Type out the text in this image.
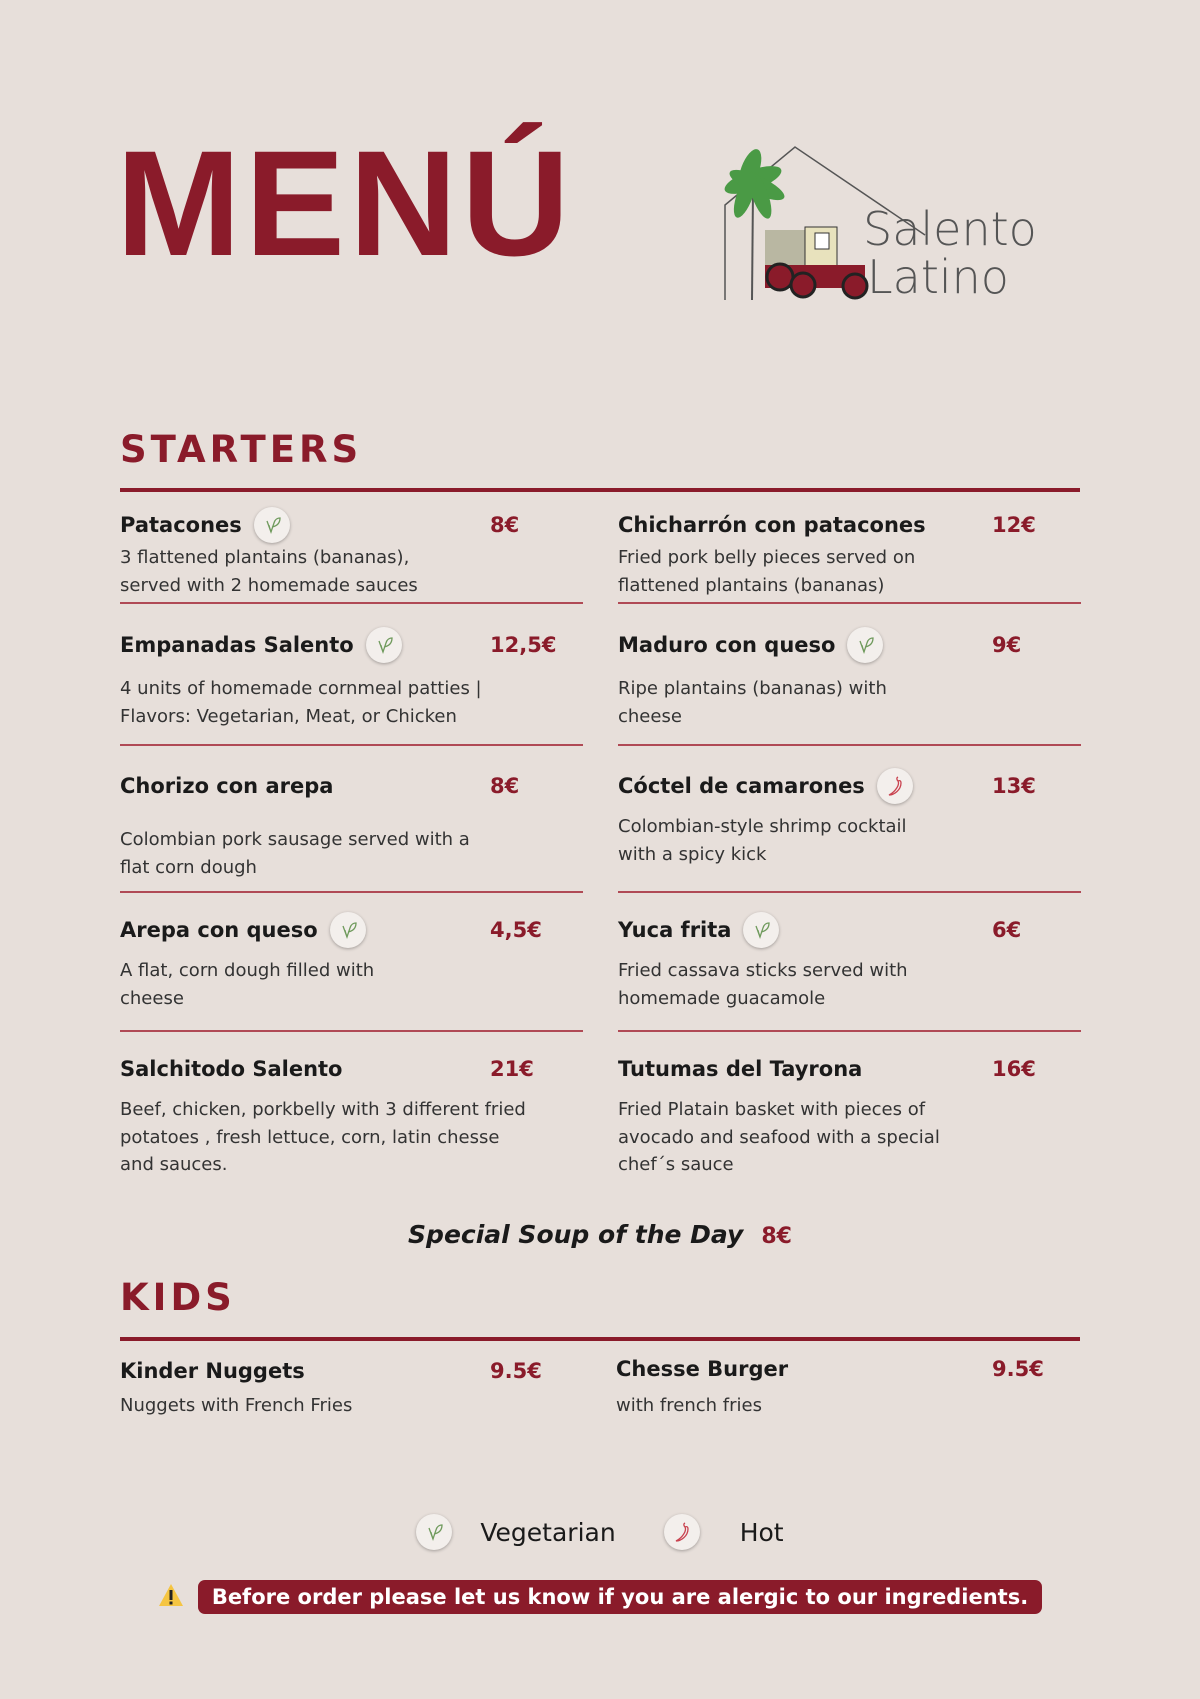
MENÚ	Salento
Latino
STARTERS
Patacones	8€
3 flattened plantains (bananas),
served with 2 homemade sauces
Chicharrón con patacones	12€
Fried pork belly pieces served on
flattened plantains (bananas)
Empanadas Salento	12,5€
4 units of homemade cornmeal patties |
Flavors: Vegetarian, Meat, or Chicken
Maduro con queso	9€
Ripe plantains (bananas) with
cheese
Chorizo con arepa	8€
Colombian pork sausage served with a
flat corn dough
Cóctel de camarones	13€
Colombian-style shrimp cocktail
with a spicy kick
Arepa con queso	4,5€
A flat, corn dough filled with
cheese
Yuca frita	6€
Fried cassava sticks served with
homemade guacamole
Salchitodo Salento	21€
Beef, chicken, porkbelly with 3 different fried
potatoes , fresh lettuce, corn, latin chesse
and sauces.
Tutumas del Tayrona	16€
Fried Platain basket with pieces of
avocado and seafood with a special
chef´s sauce
Special Soup of the Day 8€
KIDS
Kinder Nuggets	9.5€
Nuggets with French Fries
Chesse Burger	9.5€
with french fries
Vegetarian	Hot
Before order please let us know if you are alergic to our ingredients.
